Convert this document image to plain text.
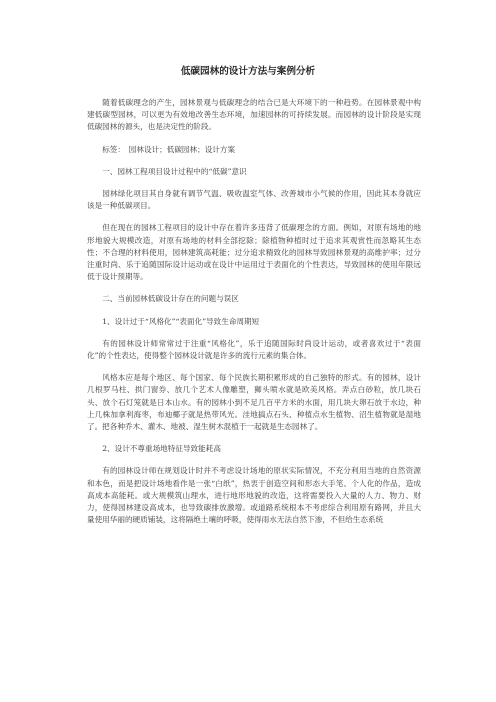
低碳园林的设计方法与案例分析

随着低碳理念的产生，园林景观与低碳理念的结合已是大环境下的一种趋势。在园林景观中构建低碳型园林，可以更为有效地改善生态环境，加速园林的可持续发展。而园林的设计阶段是实现低碳园林的源头，也是决定性的阶段。

标签：　园林设计；低碳园林；设计方案

一、园林工程项目设计过程中的“低碳”意识

园林绿化项目其自身就有调节气温、吸收温室气体、改善城市小气候的作用，因此其本身就应该是一种低碳项目。

但在现在的园林工程项目的设计中存在着许多违背了低碳理念的方面。例如，对原有场地的地形地貌大规模改造，对原有场地的材料全部挖除；除植物种植时过于追求其观赏性而忽略其生态性；不合理的材料使用，园林建筑高耗能；过分追求精致化的园林导致园林景观的高维护率；过分注重时尚、乐于追随国际设计运动或在设计中运用过于表面化的个性表达，导致园林的使用年限远低于设计预期等。

二、当前园林低碳设计存在的问题与误区

1、设计过于“风格化”“表面化”导致生命周期短

有的园林设计师常常过于注重“风格化”，乐于追随国际时尚设计运动，或者喜欢过于“表面化”的个性表达，使得整个园林设计就是许多的流行元素的集合体。

风格本应是每个地区、每个国家、每个民族长期积累形成的自己独特的形式。有的园林，设计几根罗马柱、拱门窗券、放几个艺术人像雕塑，狮头喷水就是欧美风格。弄点白砂粒，放几块石头、放个石灯笼就是日本山水。有的园林小到不足几百平方米的水面，用几块大卵石放于水边，种上几株加拿利海枣，布迪椰子就是热带风光。洼地搞点石头、种植点水生植物、沼生植物就是湿地了。把各种乔木、灌木、地被、湿生树木混植于一起就是生态园林了。

2、设计不尊重场地特征导致能耗高

有的园林设计师在规划设计时并不考虑设计场地的原状实际情况，不充分利用当地的自然资源和本色，而是把设计场地看作是一张“白纸”，热衷于创造空间和形态大手笔、个人化的作品，造成高成本高能耗。或大规模筑山理水，进行地形地貌的改造，这将需要投入大量的人力、物力、财力，使得园林建设高成本，也导致碳排放激增。或道路系统根本不考虑综合利用原有路网，并且大量使用华丽的硬质铺装，这将隔绝土壤的呼吸，使得雨水无法自然下渗，不但给生态系统
